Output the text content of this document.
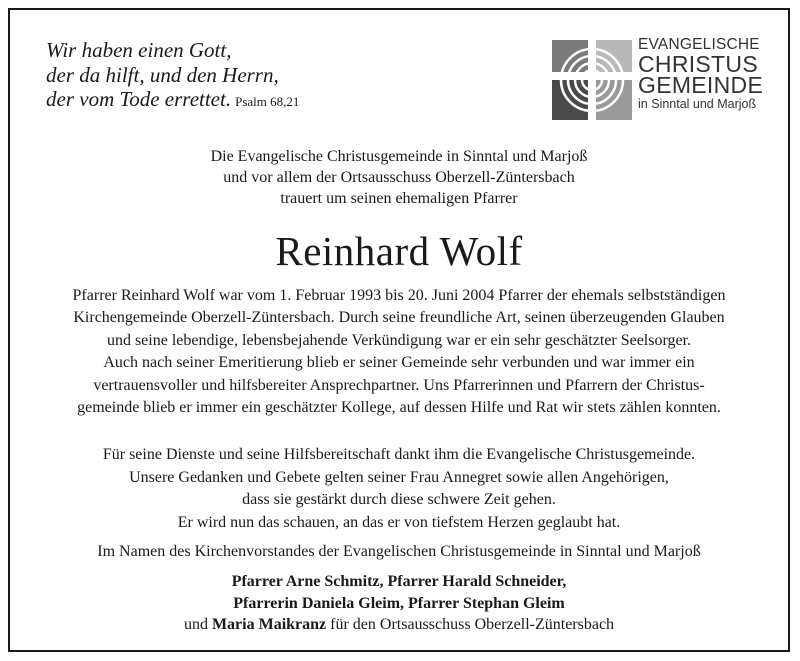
Wir haben einen Gott,
der da hilft, und den Herrn,
der vom Tode errettet. Psalm 68,21
EVANGELISCHE
CHRISTUS
GEMEINDE
in Sinntal und Marjoß
Die Evangelische Christusgemeinde in Sinntal und Marjoß
und vor allem der Ortsausschuss Oberzell-Züntersbach
trauert um seinen ehemaligen Pfarrer
Reinhard Wolf
Pfarrer Reinhard Wolf war vom 1. Februar 1993 bis 20. Juni 2004 Pfarrer der ehemals selbstständigen
Kirchengemeinde Oberzell-Züntersbach. Durch seine freundliche Art, seinen überzeugenden Glauben
und seine lebendige, lebensbejahende Verkündigung war er ein sehr geschätzter Seelsorger.
Auch nach seiner Emeritierung blieb er seiner Gemeinde sehr verbunden und war immer ein
vertrauensvoller und hilfsbereiter Ansprechpartner. Uns Pfarrerinnen und Pfarrern der Christus-
gemeinde blieb er immer ein geschätzter Kollege, auf dessen Hilfe und Rat wir stets zählen konnten.
Für seine Dienste und seine Hilfsbereitschaft dankt ihm die Evangelische Christusgemeinde.
Unsere Gedanken und Gebete gelten seiner Frau Annegret sowie allen Angehörigen,
dass sie gestärkt durch diese schwere Zeit gehen.
Er wird nun das schauen, an das er von tiefstem Herzen geglaubt hat.
Im Namen des Kirchenvorstandes der Evangelischen Christusgemeinde in Sinntal und Marjoß
Pfarrer Arne Schmitz, Pfarrer Harald Schneider,
Pfarrerin Daniela Gleim, Pfarrer Stephan Gleim
und Maria Maikranz für den Ortsausschuss Oberzell-Züntersbach
